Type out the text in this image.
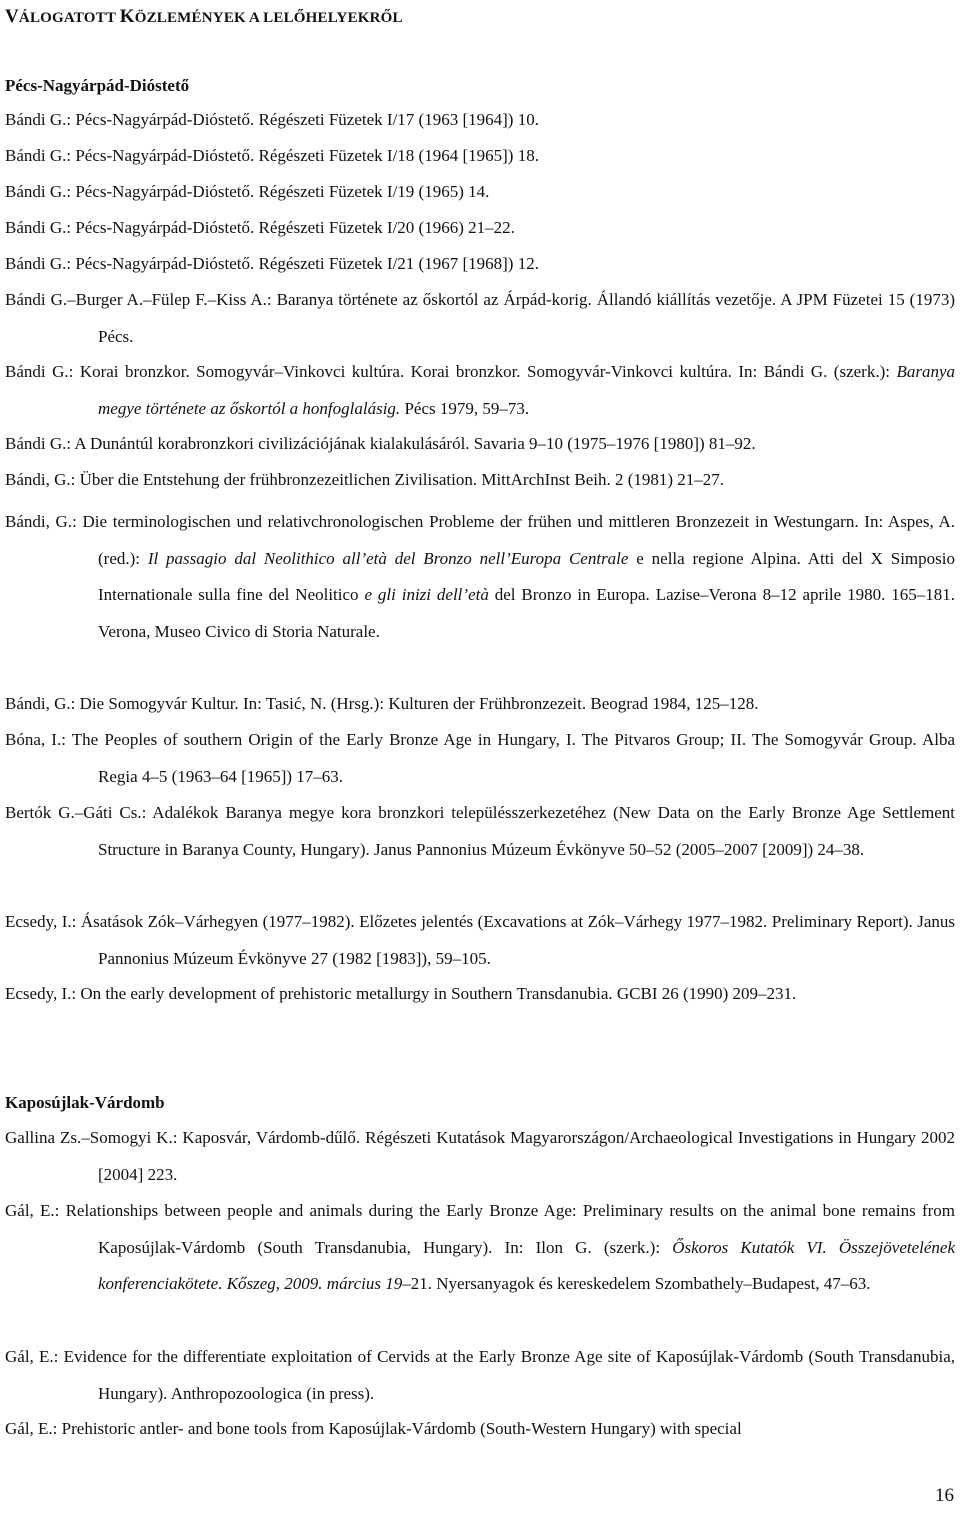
VÁLOGATOTT KÖZLEMÉNYEK A LELŐHELYEKRŐL
Pécs-Nagyárpád-Dióstető
Bándi G.: Pécs-Nagyárpád-Dióstető. Régészeti Füzetek I/17 (1963 [1964]) 10.
Bándi G.: Pécs-Nagyárpád-Dióstető. Régészeti Füzetek I/18 (1964 [1965]) 18.
Bándi G.: Pécs-Nagyárpád-Dióstető. Régészeti Füzetek I/19 (1965) 14.
Bándi G.: Pécs-Nagyárpád-Dióstető. Régészeti Füzetek I/20 (1966) 21–22.
Bándi G.: Pécs-Nagyárpád-Dióstető. Régészeti Füzetek I/21 (1967 [1968]) 12.
Bándi G.–Burger A.–Fülep F.–Kiss A.: Baranya története az őskortól az Árpád-korig. Állandó kiállítás vezetője. A JPM Füzetei 15 (1973) Pécs.
Bándi G.: Korai bronzkor. Somogyvár–Vinkovci kultúra. Korai bronzkor. Somogyvár-Vinkovci kultúra. In: Bándi G. (szerk.): Baranya megye története az őskortól a honfoglalásig. Pécs 1979, 59–73.
Bándi G.: A Dunántúl korabronzkori civilizációjának kialakulásáról. Savaria 9–10 (1975–1976 [1980]) 81–92.
Bándi, G.: Über die Entstehung der frühbronzezeitlichen Zivilisation. MittArchInst Beih. 2 (1981) 21–27.
Bándi, G.: Die terminologischen und relativchronologischen Probleme der frühen und mittleren Bronzezeit in Westungarn. In: Aspes, A. (red.): Il passagio dal Neolithico all’età del Bronzo nell’Europa Centrale e nella regione Alpina. Atti del X Simposio Internationale sulla fine del Neolitico e gli inizi dell’età del Bronzo in Europa. Lazise–Verona 8–12 aprile 1980. 165–181. Verona, Museo Civico di Storia Naturale.
Bándi, G.: Die Somogyvár Kultur. In: Tasić, N. (Hrsg.): Kulturen der Frühbronzezeit. Beograd 1984, 125–128.
Bóna, I.: The Peoples of southern Origin of the Early Bronze Age in Hungary, I. The Pitvaros Group; II. The Somogyvár Group. Alba Regia 4–5 (1963–64 [1965]) 17–63.
Bertók G.–Gáti Cs.: Adalékok Baranya megye kora bronzkori településszerkezetéhez (New Data on the Early Bronze Age Settlement Structure in Baranya County, Hungary). Janus Pannonius Múzeum Évkönyve 50–52 (2005–2007 [2009]) 24–38.
Ecsedy, I.: Ásatások Zók–Várhegyen (1977–1982). Előzetes jelentés (Excavations at Zók–Várhegy 1977–1982. Preliminary Report). Janus Pannonius Múzeum Évkönyve 27 (1982 [1983]), 59–105.
Ecsedy, I.: On the early development of prehistoric metallurgy in Southern Transdanubia. GCBI 26 (1990) 209–231.
Kaposújlak-Várdomb
Gallina Zs.–Somogyi K.: Kaposvár, Várdomb-dűlő. Régészeti Kutatások Magyarországon/Archaeological Investigations in Hungary 2002 [2004] 223.
Gál, E.: Relationships between people and animals during the Early Bronze Age: Preliminary results on the animal bone remains from Kaposújlak-Várdomb (South Transdanubia, Hungary). In: Ilon G. (szerk.): Őskoros Kutatók VI. Összejövetelének konferenciakötete. Kőszeg, 2009. március 19–21. Nyersanyagok és kereskedelem Szombathely–Budapest, 47–63.
Gál, E.: Evidence for the differentiate exploitation of Cervids at the Early Bronze Age site of Kaposújlak-Várdomb (South Transdanubia, Hungary). Anthropozoologica (in press).
Gál, E.: Prehistoric antler- and bone tools from Kaposújlak-Várdomb (South-Western Hungary) with special
16
